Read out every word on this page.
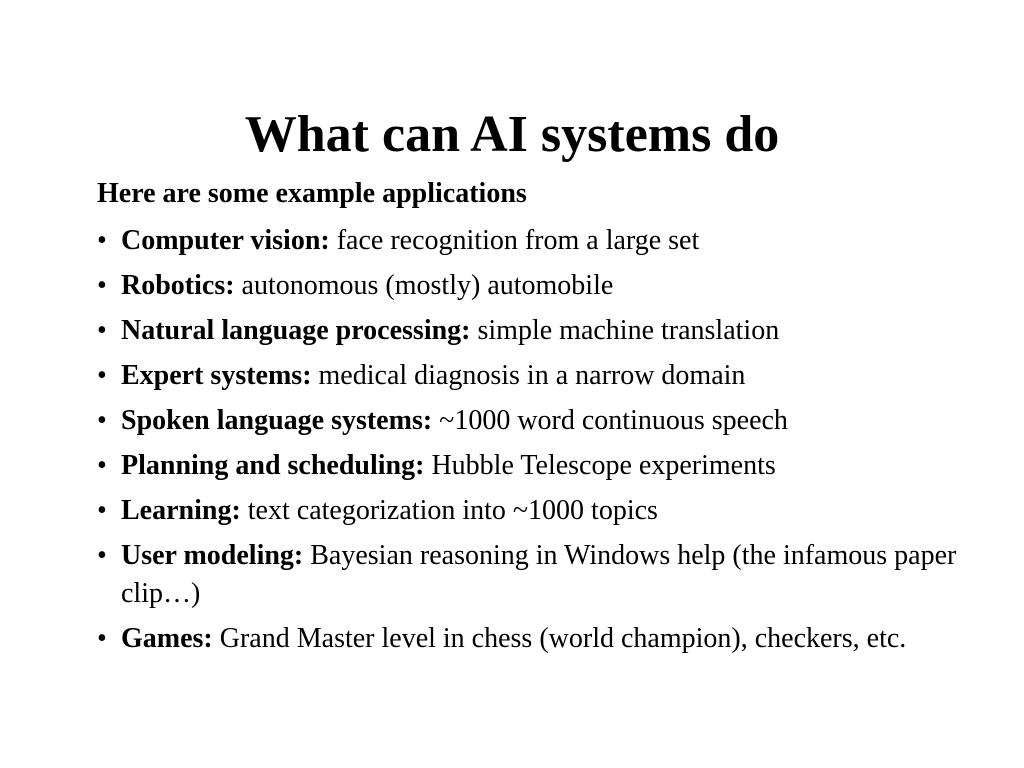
What can AI systems do

Here are some example applications

• Computer vision: face recognition from a large set
• Robotics: autonomous (mostly) automobile
• Natural language processing: simple machine translation
• Expert systems: medical diagnosis in a narrow domain
• Spoken language systems: ~1000 word continuous speech
• Planning and scheduling: Hubble Telescope experiments
• Learning: text categorization into ~1000 topics
• User modeling: Bayesian reasoning in Windows help (the infamous paper clip…)
• Games: Grand Master level in chess (world champion), checkers, etc.
